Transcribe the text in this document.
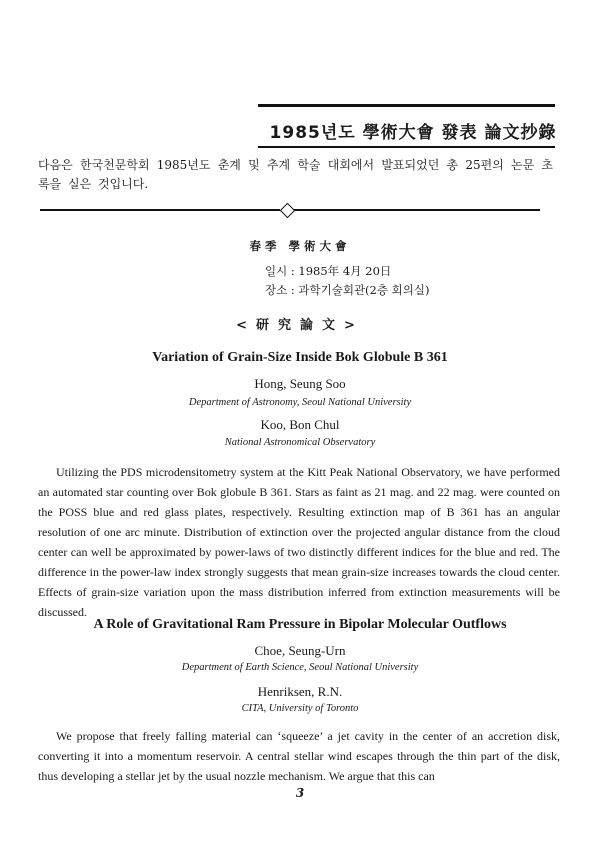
1985년도 學術大會 發表 論文抄錄
다음은 한국천문학회 1985년도 춘계 및 추계 학술 대회에서 발표되었던 총 25편의 논문 초록을 실은 것입니다.
春季 學術大會
일시 : 1985年 4月 20日
장소 : 과학기술회관(2층 회의실)
<研究論文>
Variation of Grain-Size Inside Bok Globule B 361
Hong, Seung Soo
Department of Astronomy, Seoul National University
Koo, Bon Chul
National Astronomical Observatory
Utilizing the PDS microdensitometry system at the Kitt Peak National Observatory, we have performed an automated star counting over Bok globule B 361. Stars as faint as 21 mag. and 22 mag. were counted on the POSS blue and red glass plates, respectively. Resulting extinction map of B 361 has an angular resolution of one arc minute. Distribution of extinction over the projected angular distance from the cloud center can well be approximated by power-laws of two distinctly different indices for the blue and red. The difference in the power-law index strongly suggests that mean grain-size increases towards the cloud center. Effects of grain-size variation upon the mass distribution inferred from extinction measurements will be discussed.
A Role of Gravitational Ram Pressure in Bipolar Molecular Outflows
Choe, Seung-Urn
Department of Earth Science, Seoul National University
Henriksen, R.N.
CITA, University of Toronto
We propose that freely falling material can ‘squeeze’ a jet cavity in the center of an accretion disk, converting it into a momentum reservoir. A central stellar wind escapes through the thin part of the disk, thus developing a stellar jet by the usual nozzle mechanism. We argue that this can
3
